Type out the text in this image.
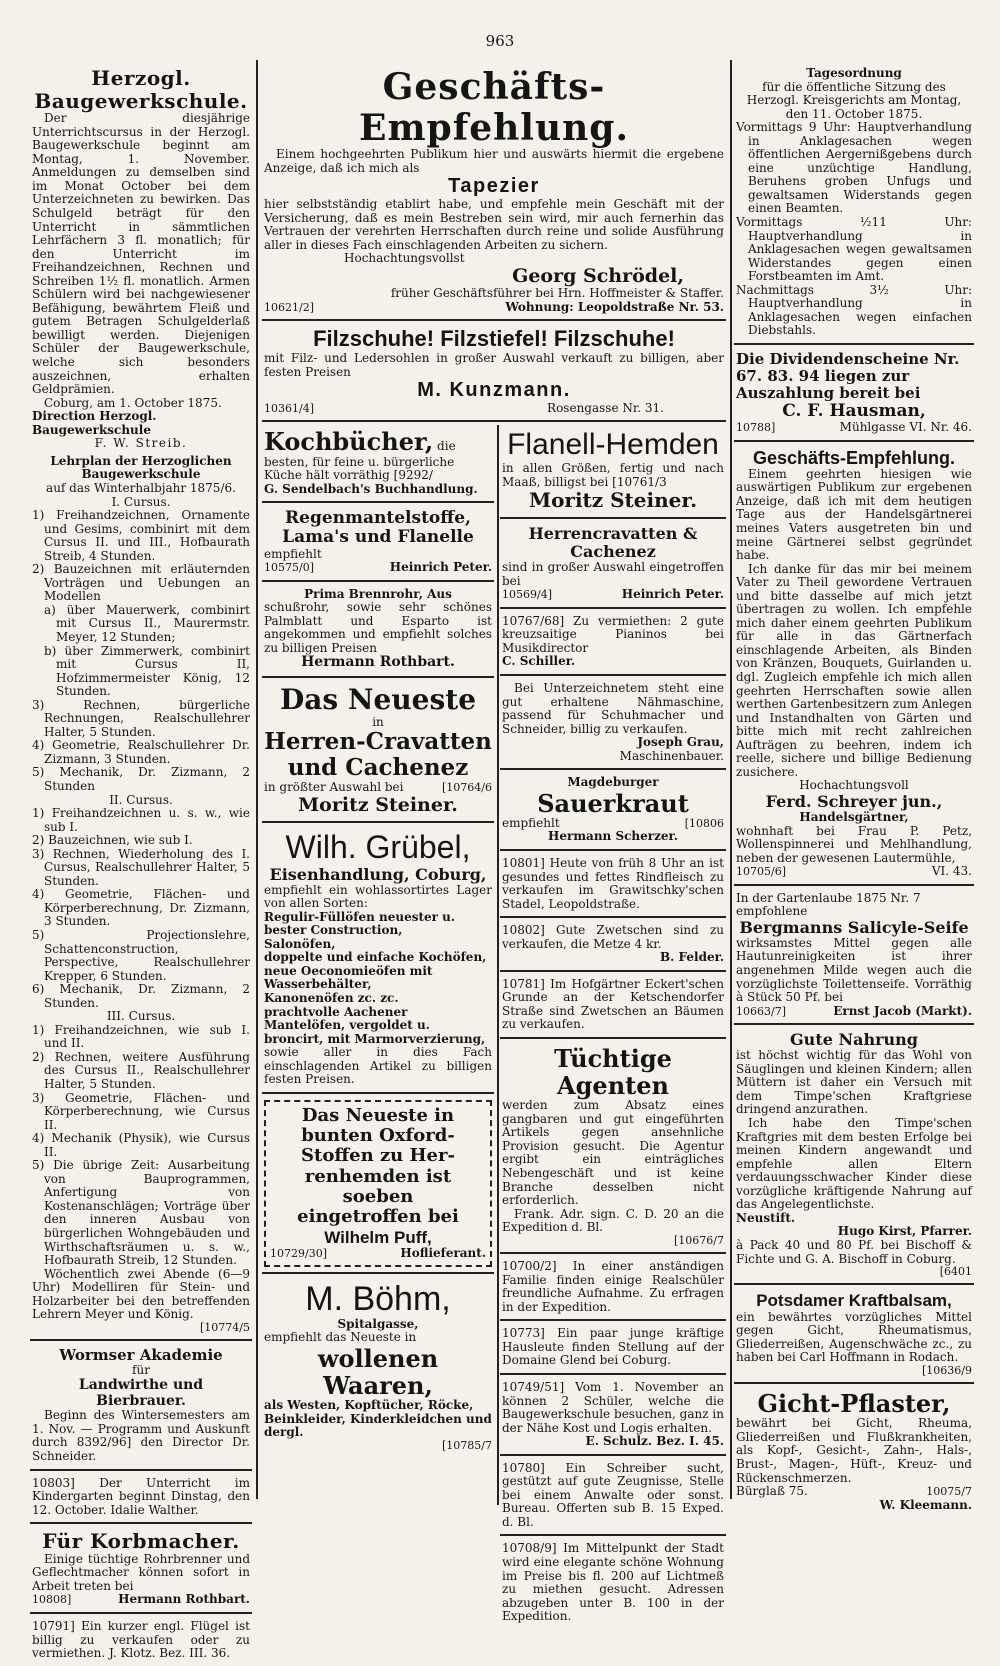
963

Herzogl. Baugewerkschule.

Der diesjährige Unterrichtscursus in der Herzogl. Baugewerkschule beginnt am Montag, 1. November. Anmeldungen zu demselben sind im Monat October bei dem Unterzeichneten zu bewirken. Das Schulgeld beträgt für den Unterricht in sämmtlichen Lehrfächern 3 fl. monatlich; für den Unterricht im Freihandzeichnen, Rechnen und Schreiben 1½ fl. monatlich. Armen Schülern wird bei nachgewiesener Befähigung, bewährtem Fleiß und gutem Betragen Schulgelderlaß bewilligt werden. Diejenigen Schüler der Baugewerkschule, welche sich besonders auszeichnen, erhalten Geldprämien.

Coburg, am 1. October 1875.

Direction Herzogl. Baugewerkschule

F. W. Streib.

Lehrplan der Herzoglichen Baugewerkschule

auf das Winterhalbjahr 1875/6.

I. Cursus.

1) Freihandzeichnen, Ornamente und Gesims, combinirt mit dem Cursus II. und III., Hofbaurath Streib, 4 Stunden.

2) Bauzeichnen mit erläuternden Vorträgen und Uebungen an Modellen

a) über Mauerwerk, combinirt mit Cursus II., Maurermstr. Meyer, 12 Stunden;

b) über Zimmerwerk, combinirt mit Cursus II, Hofzimmermeister König, 12 Stunden.

3) Rechnen, bürgerliche Rechnungen, Realschullehrer Halter, 5 Stunden.

4) Geometrie, Realschullehrer Dr. Zizmann, 3 Stunden.

5) Mechanik, Dr. Zizmann, 2 Stunden

II. Cursus.

1) Freihandzeichnen u. s. w., wie sub I.

2) Bauzeichnen, wie sub I.

3) Rechnen, Wiederholung des I. Cursus, Realschullehrer Halter, 5 Stunden.

4) Geometrie, Flächen- und Körperberechnung, Dr. Zizmann, 3 Stunden.

5) Projectionslehre, Schattenconstruction, Perspective, Realschullehrer Krepper, 6 Stunden.

6) Mechanik, Dr. Zizmann, 2 Stunden.

III. Cursus.

1) Freihandzeichnen, wie sub I. und II.

2) Rechnen, weitere Ausführung des Cursus II., Realschullehrer Halter, 5 Stunden.

3) Geometrie, Flächen- und Körperberechnung, wie Cursus II.

4) Mechanik (Physik), wie Cursus II.

5) Die übrige Zeit: Ausarbeitung von Bauprogrammen, Anfertigung von Kostenanschlägen; Vorträge über den inneren Ausbau von bürgerlichen Wohngebäuden und Wirthschaftsräumen u. s. w., Hofbaurath Streib, 12 Stunden.

Wöchentlich zwei Abende (6—9 Uhr) Modelliren für Stein- und Holzarbeiter bei den betreffenden Lehrern Meyer und König.

[10774/5

Wormser Akademie

für

Landwirthe und Bierbrauer.

Beginn des Wintersemesters am 1. Nov. — Programm und Auskunft durch 8392/96] den Director Dr. Schneider.

10803] Der Unterricht im Kindergarten beginnt Dinstag, den 12. October. Idalie Walther.

Für Korbmacher.

Einige tüchtige Rohrbrenner und Geflechtmacher können sofort in Arbeit treten bei

10808]	Hermann Rothbart.

10791] Ein kurzer engl. Flügel ist billig zu verkaufen oder zu vermiethen. J. Klotz. Bez. III. 36.

Geschäfts-Empfehlung.

Einem hochgeehrten Publikum hier und auswärts hiermit die ergebene Anzeige, daß ich mich als

Tapezier

hier selbstständig etablirt habe, und empfehle mein Geschäft mit der Versicherung, daß es mein Bestreben sein wird, mir auch fernerhin das Vertrauen der verehrten Herrschaften durch reine und solide Ausführung aller in dieses Fach einschlagenden Arbeiten zu sichern.

Hochachtungsvollst

Georg Schrödel,

früher Geschäftsführer bei Hrn. Hoffmeister & Staffer.

10621/2]	Wohnung: Leopoldstraße Nr. 53.

Filzschuhe! Filzstiefel! Filzschuhe!

mit Filz- und Ledersohlen in großer Auswahl verkauft zu billigen, aber festen Preisen

M. Kunzmann.

10361/4]	Rosengasse Nr. 31.

Kochbücher, die besten, für feine u. bürgerliche Küche hält vorräthig [9292/

G. Sendelbach's Buchhandlung.

Regenmantelstoffe, Lama's und Flanelle

empfiehlt

10575/0]	Heinrich Peter.

Prima Brennrohr, Aus

schußrohr, sowie sehr schönes Palmblatt und Esparto ist angekommen und empfiehlt solches zu billigen Preisen

Hermann Rothbart.

Das Neueste

in

Herren-Cravatten

und Cachenez

in größter Auswahl bei	[10764/6

Moritz Steiner.

Wilh. Grübel,

Eisenhandlung, Coburg,

empfiehlt ein wohlassortirtes Lager von allen Sorten:

Regulir-Füllöfen neuester u. bester Construction,

Salonöfen,

doppelte und einfache Kochöfen, neue Oeconomieöfen mit Wasserbehälter,

Kanonenöfen zc. zc.

prachtvolle Aachener Mantelöfen, vergoldet u. broncirt, mit Marmorverzierung,

sowie aller in dies Fach einschlagenden Artikel zu billigen festen Preisen.

Das Neueste in

bunten Oxford-

Stoffen zu Her-

renhemden ist soeben

eingetroffen bei

Wilhelm Puff,

10729/30]	Hoflieferant.

M. Böhm,

Spitalgasse,

empfiehlt das Neueste in

wollenen Waaren,

als Westen, Kopftücher, Röcke, Beinkleider, Kinderkleidchen und dergl.

[10785/7

Flanell-Hemden

in allen Größen, fertig und nach Maaß, billigst bei [10761/3

Moritz Steiner.

Herrencravatten & Cachenez

sind in großer Auswahl eingetroffen bei

10569/4]	Heinrich Peter.

10767/68] Zu vermiethen: 2 gute kreuzsaitige Pianinos bei Musikdirector

C. Schiller.

Bei Unterzeichnetem steht eine gut erhaltene Nähmaschine, passend für Schuhmacher und Schneider, billig zu verkaufen.

Joseph Grau,

Maschinenbauer.

Magdeburger

Sauerkraut

empfiehlt	[10806

Hermann Scherzer.

10801] Heute von früh 8 Uhr an ist gesundes und fettes Rindfleisch zu verkaufen im Grawitschky'schen Stadel, Leopoldstraße.

10802] Gute Zwetschen sind zu verkaufen, die Metze 4 kr.

B. Felder.

10781] Im Hofgärtner Eckert'schen Grunde an der Ketschendorfer Straße sind Zwetschen an Bäumen zu verkaufen.

Tüchtige Agenten

werden zum Absatz eines gangbaren und gut eingeführten Artikels gegen ansehnliche Provision gesucht. Die Agentur ergibt ein einträgliches Nebengeschäft und ist keine Branche desselben nicht erforderlich.

Frank. Adr. sign. C. D. 20 an die Expedition d. Bl.

[10676/7

10700/2] In einer anständigen Familie finden einige Realschüler freundliche Aufnahme. Zu erfragen in der Expedition.

10773] Ein paar junge kräftige Hausleute finden Stellung auf der Domaine Glend bei Coburg.

10749/51] Vom 1. November an können 2 Schüler, welche die Baugewerkschule besuchen, ganz in der Nähe Kost und Logis erhalten.

E. Schulz. Bez. I. 45.

10780] Ein Schreiber sucht, gestützt auf gute Zeugnisse, Stelle bei einem Anwalte oder sonst. Bureau. Offerten sub B. 15 Exped. d. Bl.

10708/9] Im Mittelpunkt der Stadt wird eine elegante schöne Wohnung im Preise bis fl. 200 auf Lichtmeß zu miethen gesucht. Adressen abzugeben unter B. 100 in der Expedition.

Tagesordnung

für die öffentliche Sitzung des Herzogl. Kreisgerichts am Montag, den 11. October 1875.

Vormittags 9 Uhr: Hauptverhandlung in Anklagesachen wegen öffentlichen Aergernißgebens durch eine unzüchtige Handlung, Beruhens groben Unfugs und gewaltsamen Widerstands gegen einen Beamten.

Vormittags ½11 Uhr: Hauptverhandlung in Anklagesachen wegen gewaltsamen Widerstandes gegen einen Forstbeamten im Amt.

Nachmittags 3½ Uhr: Hauptverhandlung in Anklagesachen wegen einfachen Diebstahls.

Die Dividendenscheine Nr. 67. 83. 94 liegen zur Auszahlung bereit bei

C. F. Hausman,

10788]	Mühlgasse VI. Nr. 46.

Geschäfts-Empfehlung.

Einem geehrten hiesigen wie auswärtigen Publikum zur ergebenen Anzeige, daß ich mit dem heutigen Tage aus der Handelsgärtnerei meines Vaters ausgetreten bin und meine Gärtnerei selbst gegründet habe.

Ich danke für das mir bei meinem Vater zu Theil gewordene Vertrauen und bitte dasselbe auf mich jetzt übertragen zu wollen. Ich empfehle mich daher einem geehrten Publikum für alle in das Gärtnerfach einschlagende Arbeiten, als Binden von Kränzen, Bouquets, Guirlanden u. dgl. Zugleich empfehle ich mich allen geehrten Herrschaften sowie allen werthen Gartenbesitzern zum Anlegen und Instandhalten von Gärten und bitte mich mit recht zahlreichen Aufträgen zu beehren, indem ich reelle, sichere und billige Bedienung zusichere.

Hochachtungsvoll

Ferd. Schreyer jun.,

Handelsgärtner,

wohnhaft bei Frau P. Petz, Wollenspinnerei und Mehlhandlung, neben der gewesenen Lautermühle,

10705/6]	VI. 43.

In der Gartenlaube 1875 Nr. 7 empfohlene

Bergmanns Salicyle-Seife

wirksamstes Mittel gegen alle Hautunreinigkeiten ist ihrer angenehmen Milde wegen auch die vorzüglichste Toilettenseife. Vorräthig à Stück 50 Pf. bei

10663/7]	Ernst Jacob (Markt).

Gute Nahrung

ist höchst wichtig für das Wohl von Säuglingen und kleinen Kindern; allen Müttern ist daher ein Versuch mit dem Timpe'schen Kraftgriese dringend anzurathen.

Ich habe den Timpe'schen Kraftgries mit dem besten Erfolge bei meinen Kindern angewandt und empfehle allen Eltern verdauungsschwacher Kinder diese vorzügliche kräftigende Nahrung auf das Angelegentlichste.

Neustift.

Hugo Kirst, Pfarrer.

à Pack 40 und 80 Pf. bei Bischoff & Fichte und G. A. Bischoff in Coburg.

[6401

Potsdamer Kraftbalsam,

ein bewährtes vorzügliches Mittel gegen Gicht, Rheumatismus, Gliederreißen, Augenschwäche zc., zu haben bei Carl Hoffmann in Rodach.

[10636/9

Gicht-Pflaster,

bewährt bei Gicht, Rheuma, Gliederreißen und Flußkrankheiten, als Kopf-, Gesicht-, Zahn-, Hals-, Brust-, Magen-, Hüft-, Kreuz- und Rückenschmerzen.

Bürglaß 75.	10075/7

W. Kleemann.
